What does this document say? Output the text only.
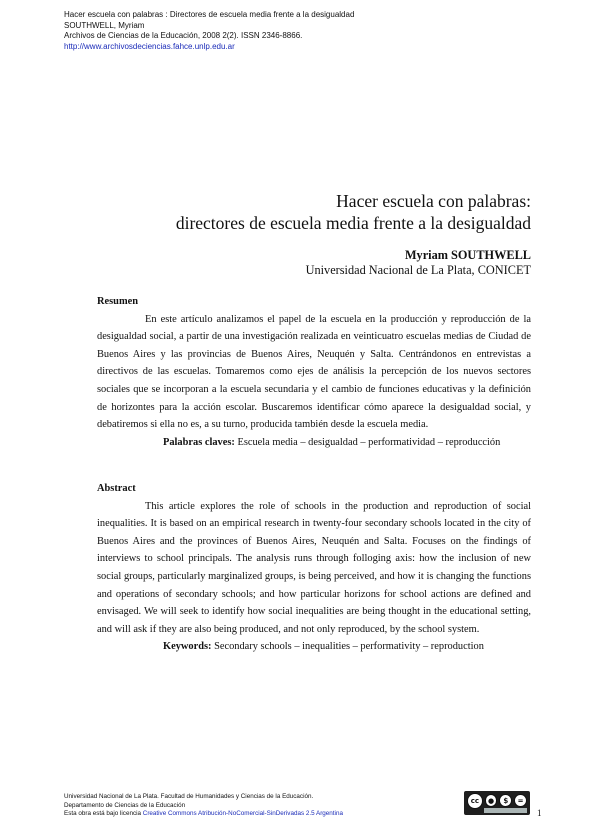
Hacer escuela con palabras : Directores de escuela media frente a la desigualdad
SOUTHWELL, Myriam
Archivos de Ciencias de la Educación, 2008 2(2). ISSN 2346-8866.
http://www.archivosdeciencias.fahce.unlp.edu.ar
Hacer escuela con palabras:
directores de escuela media frente a la desigualdad
Myriam SOUTHWELL
Universidad Nacional de La Plata, CONICET
Resumen

En este artículo analizamos el papel de la escuela en la producción y reproducción de la desigualdad social, a partir de una investigación realizada en veinticuatro escuelas medias de Ciudad de Buenos Aires y las provincias de Buenos Aires, Neuquén y Salta. Centrándonos en entrevistas a directivos de las escuelas. Tomaremos como ejes de análisis la percepción de los nuevos sectores sociales que se incorporan a la escuela secundaria y el cambio de funciones educativas y la definición de horizontes para la acción escolar. Buscaremos identificar cómo aparece la desigualdad social, y debatiremos si ella no es, a su turno, producida también desde la escuela media.

Palabras claves: Escuela media – desigualdad – performatividad – reproducción

Abstract

This article explores the role of schools in the production and reproduction of social inequalities. It is based on an empirical research in twenty-four secondary schools located in the city of Buenos Aires and the provinces of Buenos Aires, Neuquén and Salta. Focuses on the findings of interviews to school principals. The analysis runs through folloging axis: how the inclusion of new social groups, particularly marginalized groups, is being perceived, and how it is changing the functions and operations of secondary schools; and how particular horizons for school actions are defined and envisaged. We will seek to identify how social inequalities are being thought in the educational setting, and will ask if they are also being produced, and not only reproduced, by the school system.

Keywords: Secondary schools – inequalities – performativity – reproduction

Universidad Nacional de La Plata. Facultad de Humanidades y Ciencias de la Educación.
Departamento de Ciencias de la Educación
Esta obra está bajo licencia Creative Commons Atribución-NoComercial-SinDerivadas 2.5 Argentina
cc	●	$	=
1
